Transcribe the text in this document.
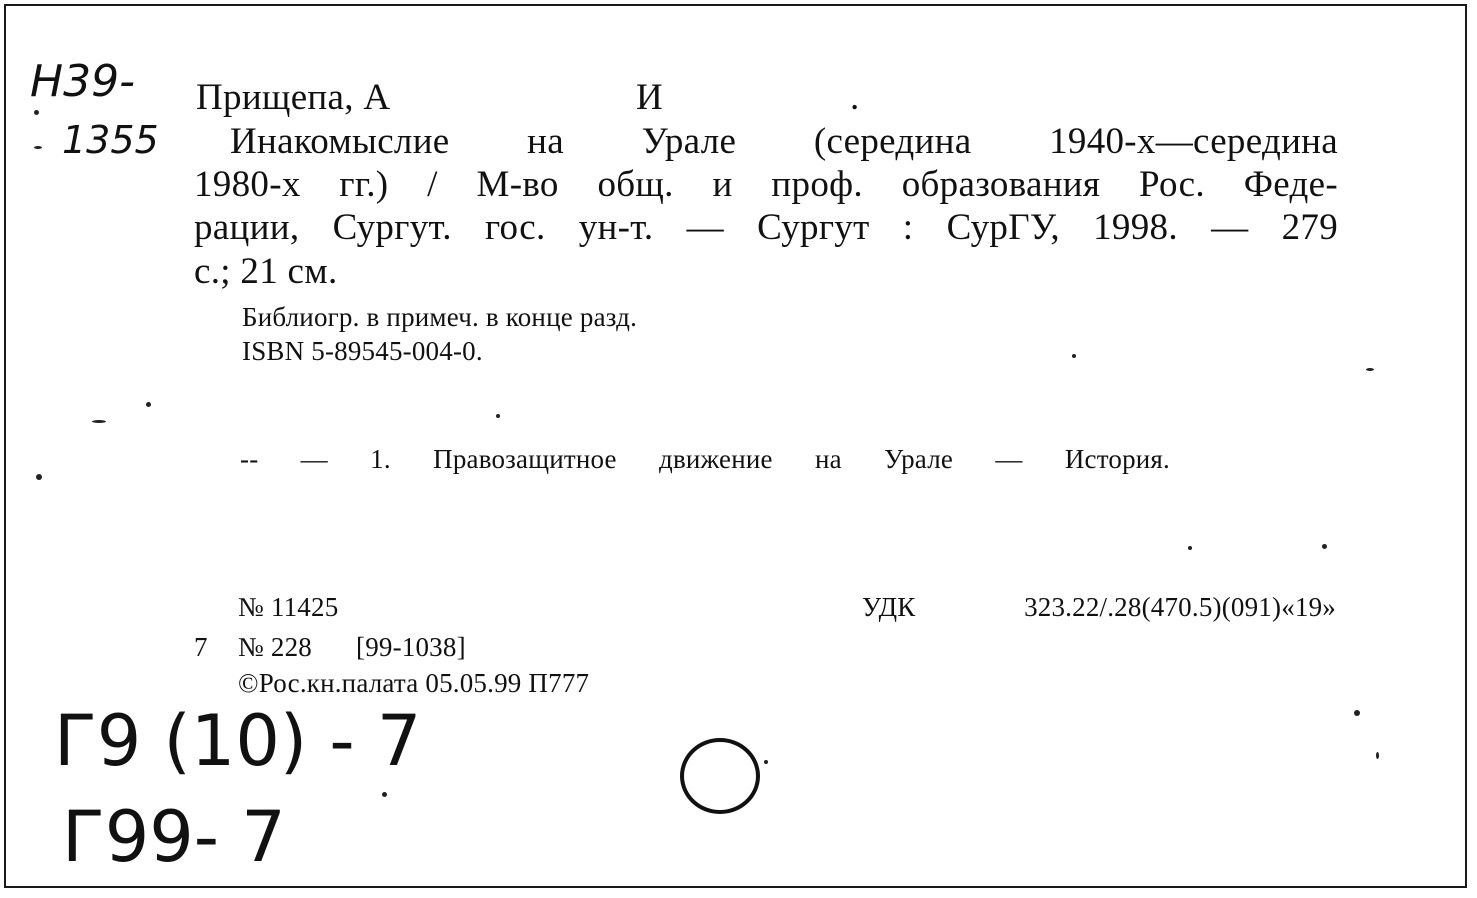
Н39-
1355
Прищепа, А	И	.
Инакомыслие на Урале (середина 1940-х—середина
1980-х гг.) / М-во общ. и проф. образования Рос. Феде-
рации, Сургут. гос. ун-т. — Сургут : СурГУ, 1998. — 279
с.; 21 см.
Библиогр. в примеч. в конце разд.
ISBN 5-89545-004-0.
-- — 1. Правозащитное движение на Урале — История.
№ 11425	УДК 323.22/.28(470.5)(091)«19»
7 № 228 [99-1038]
©Рос.кн.палата 05.05.99 П777
Г9 (10) - 7
Г99- 7
